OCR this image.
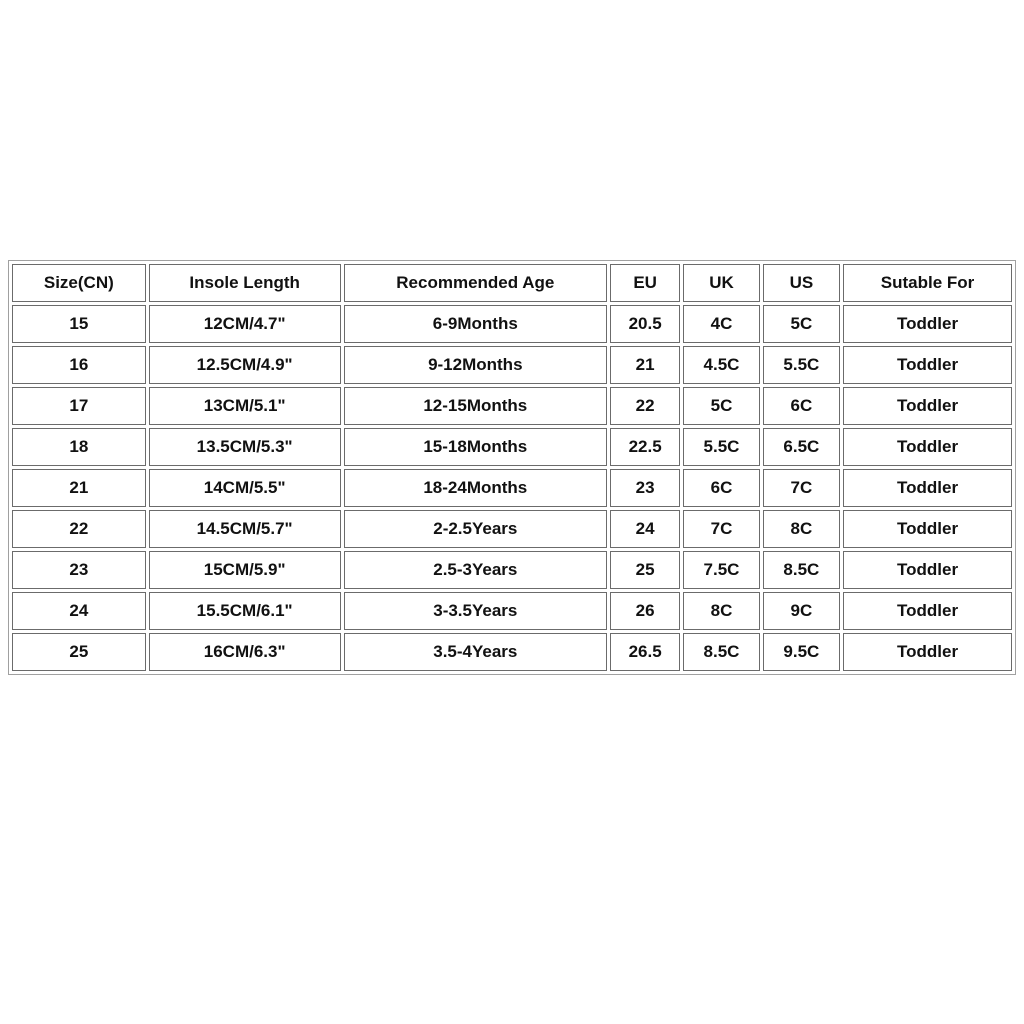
Size(CN)	Insole Length	Recommended Age	EU	UK	US	Sutable For
15	12CM/4.7"	6-9Months	20.5	4C	5C	Toddler
16	12.5CM/4.9"	9-12Months	21	4.5C	5.5C	Toddler
17	13CM/5.1"	12-15Months	22	5C	6C	Toddler
18	13.5CM/5.3"	15-18Months	22.5	5.5C	6.5C	Toddler
21	14CM/5.5"	18-24Months	23	6C	7C	Toddler
22	14.5CM/5.7"	2-2.5Years	24	7C	8C	Toddler
23	15CM/5.9"	2.5-3Years	25	7.5C	8.5C	Toddler
24	15.5CM/6.1"	3-3.5Years	26	8C	9C	Toddler
25	16CM/6.3"	3.5-4Years	26.5	8.5C	9.5C	Toddler
